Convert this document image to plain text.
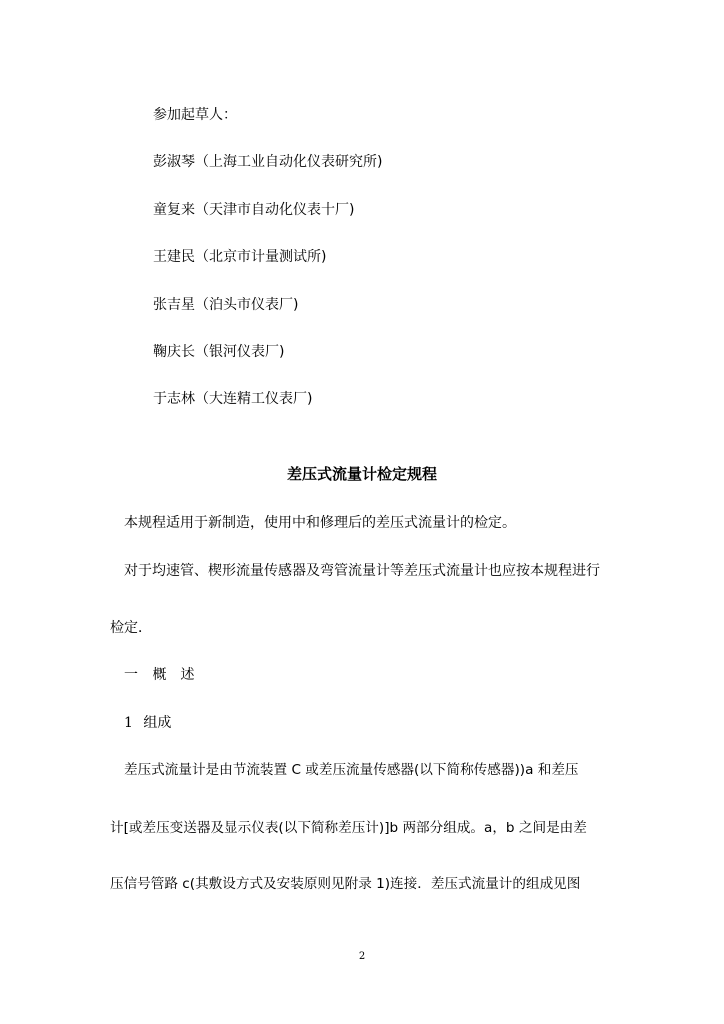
参加起草人：
彭淑琴（上海工业自动化仪表研究所)
童复来（天津市自动化仪表十厂)
王建民（北京市计量测试所)
张吉星（泊头市仪表厂)
鞠庆长（银河仪表厂)
于志林（大连精工仪表厂)
差压式流量计检定规程
本规程适用于新制造，使用中和修理后的差压式流量计的检定。
对于均速管、楔形流量传感器及弯管流量计等差压式流量计也应按本规程进行
检定．
一 概　述
1 组成
差压式流量计是由节流装置 C 或差压流量传感器(以下简称传感器))a 和差压
计[或差压变送器及显示仪表(以下简称差压计)]b 两部分组成。a，b 之间是由差
压信号管路 c(其敷设方式及安装原则见附录 1)连接．差压式流量计的组成见图
2
